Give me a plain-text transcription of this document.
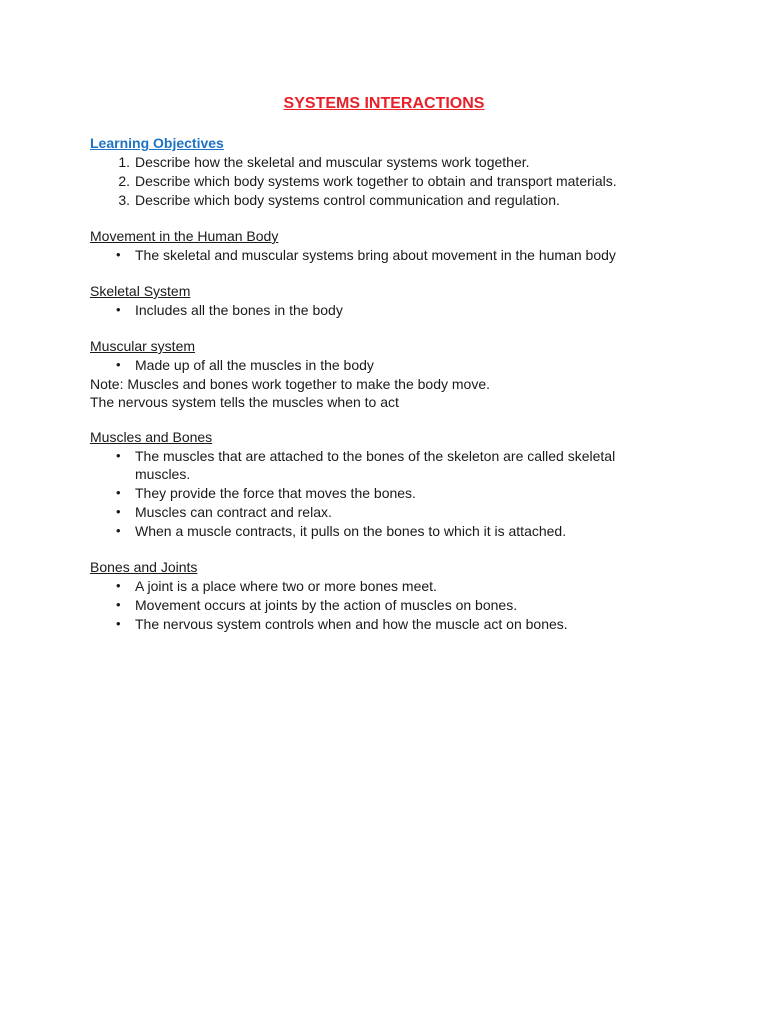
SYSTEMS INTERACTIONS

Learning Objectives

1. Describe how the skeletal and muscular systems work together.
2. Describe which body systems work together to obtain and transport materials.
3. Describe which body systems control communication and regulation.

Movement in the Human Body

• The skeletal and muscular systems bring about movement in the human body

Skeletal System

• Includes all the bones in the body

Muscular system

• Made up of all the muscles in the body

Note: Muscles and bones work together to make the body move.

The nervous system tells the muscles when to act

Muscles and Bones

• The muscles that are attached to the bones of the skeleton are called skeletal muscles.
• They provide the force that moves the bones.
• Muscles can contract and relax.
• When a muscle contracts, it pulls on the bones to which it is attached.

Bones and Joints

• A joint is a place where two or more bones meet.
• Movement occurs at joints by the action of muscles on bones.
• The nervous system controls when and how the muscle act on bones.
